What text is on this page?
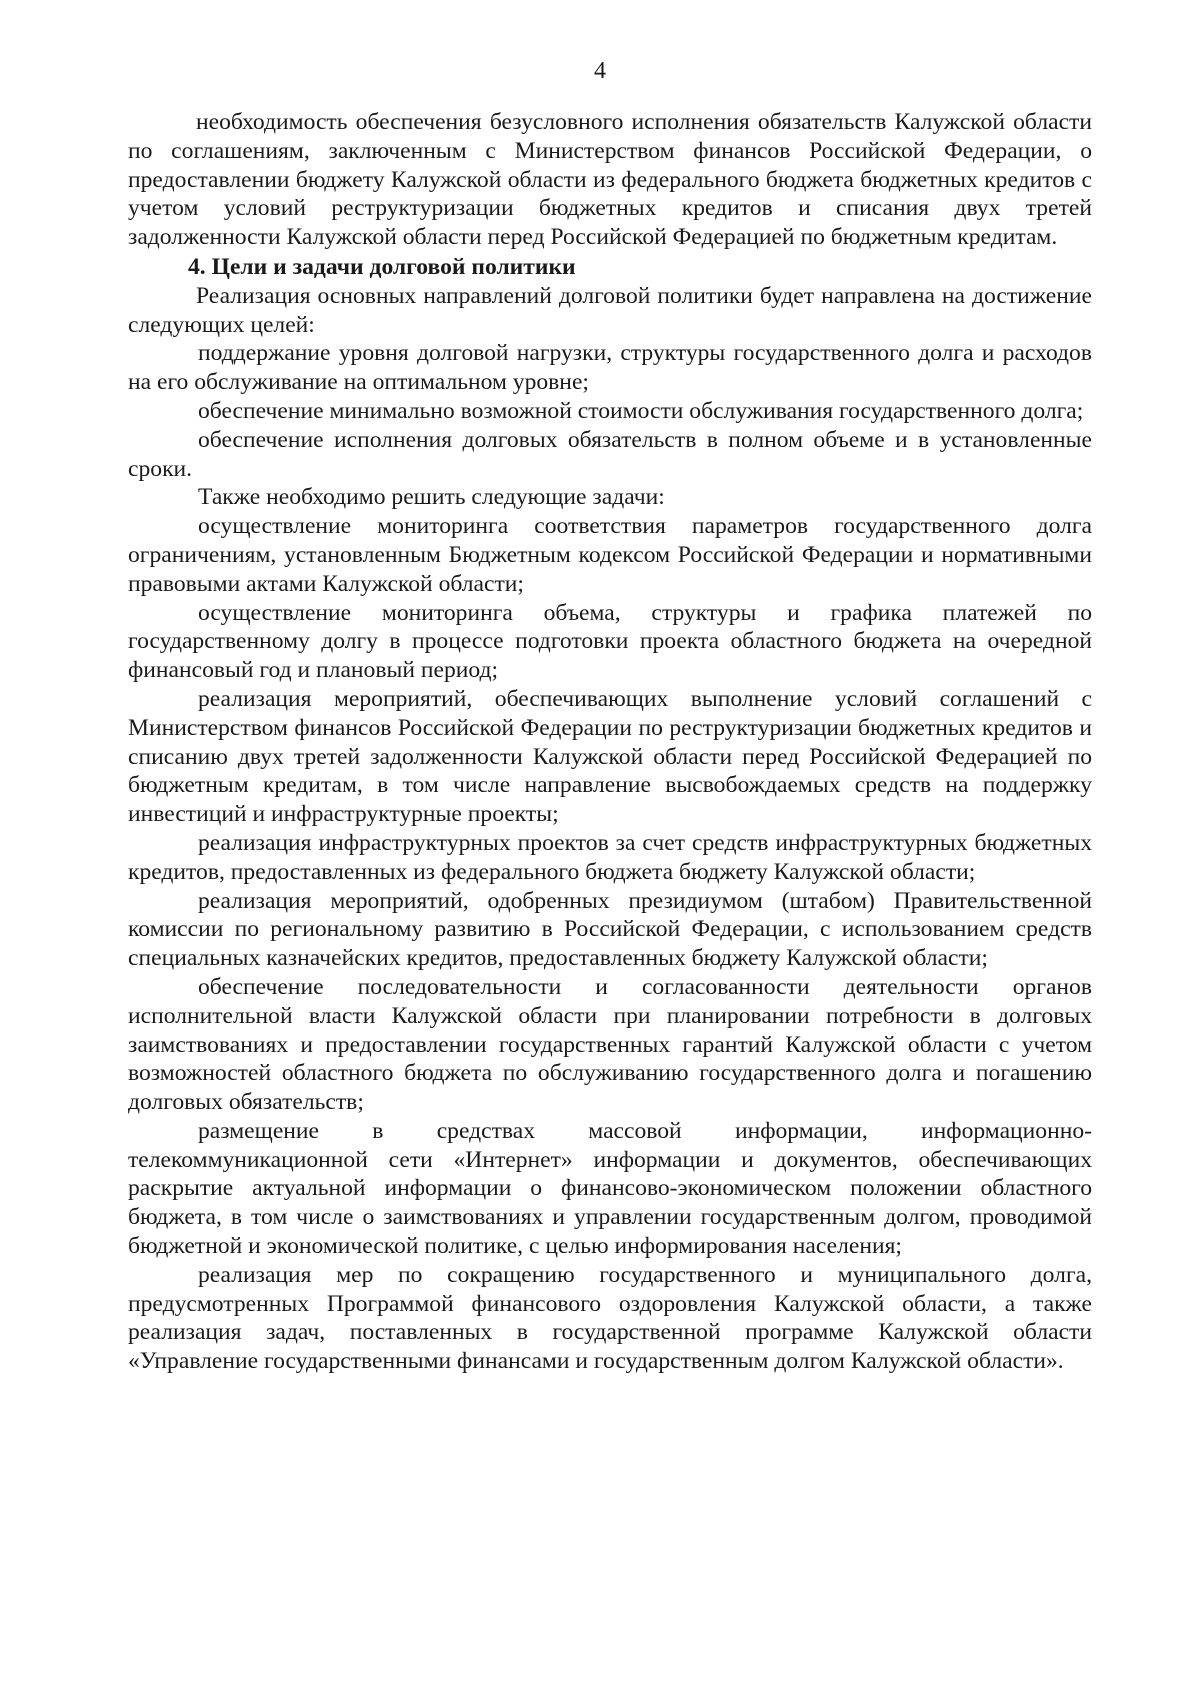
4

необходимость обеспечения безусловного исполнения обязательств Калужской области по соглашениям, заключенным с Министерством финансов Российской Федерации, о предоставлении бюджету Калужской области из федерального бюджета бюджетных кредитов с учетом условий реструктуризации бюджетных кредитов и списания двух третей задолженности Калужской области перед Российской Федерацией по бюджетным кредитам.

4. Цели и задачи долговой политики

Реализация основных направлений долговой политики будет направлена на достижение следующих целей:

поддержание уровня долговой нагрузки, структуры государственного долга и расходов на его обслуживание на оптимальном уровне;

обеспечение минимально возможной стоимости обслуживания государственного долга;

обеспечение исполнения долговых обязательств в полном объеме и в установленные сроки.

Также необходимо решить следующие задачи:

осуществление мониторинга соответствия параметров государственного долга ограничениям, установленным Бюджетным кодексом Российской Федерации и нормативными правовыми актами Калужской области;

осуществление мониторинга объема, структуры и графика платежей по государственному долгу в процессе подготовки проекта областного бюджета на очередной финансовый год и плановый период;

реализация мероприятий, обеспечивающих выполнение условий соглашений с Министерством финансов Российской Федерации по реструктуризации бюджетных кредитов и списанию двух третей задолженности Калужской области перед Российской Федерацией по бюджетным кредитам, в том числе направление высвобождаемых средств на поддержку инвестиций и инфраструктурные проекты;

реализация инфраструктурных проектов за счет средств инфраструктурных бюджетных кредитов, предоставленных из федерального бюджета бюджету Калужской области;

реализация мероприятий, одобренных президиумом (штабом) Правительственной комиссии по региональному развитию в Российской Федерации, с использованием средств специальных казначейских кредитов, предоставленных бюджету Калужской области;

обеспечение последовательности и согласованности деятельности органов исполнительной власти Калужской области при планировании потребности в долговых заимствованиях и предоставлении государственных гарантий Калужской области с учетом возможностей областного бюджета по обслуживанию государственного долга и погашению долговых обязательств;

размещение в средствах массовой информации, информационно-телекоммуникационной сети «Интернет» информации и документов, обеспечивающих раскрытие актуальной информации о финансово-экономическом положении областного бюджета, в том числе о заимствованиях и управлении государственным долгом, проводимой бюджетной и экономической политике, с целью информирования населения;

реализация мер по сокращению государственного и муниципального долга, предусмотренных Программой финансового оздоровления Калужской области, а также реализация задач, поставленных в государственной программе Калужской области «Управление государственными финансами и государственным долгом Калужской области».
